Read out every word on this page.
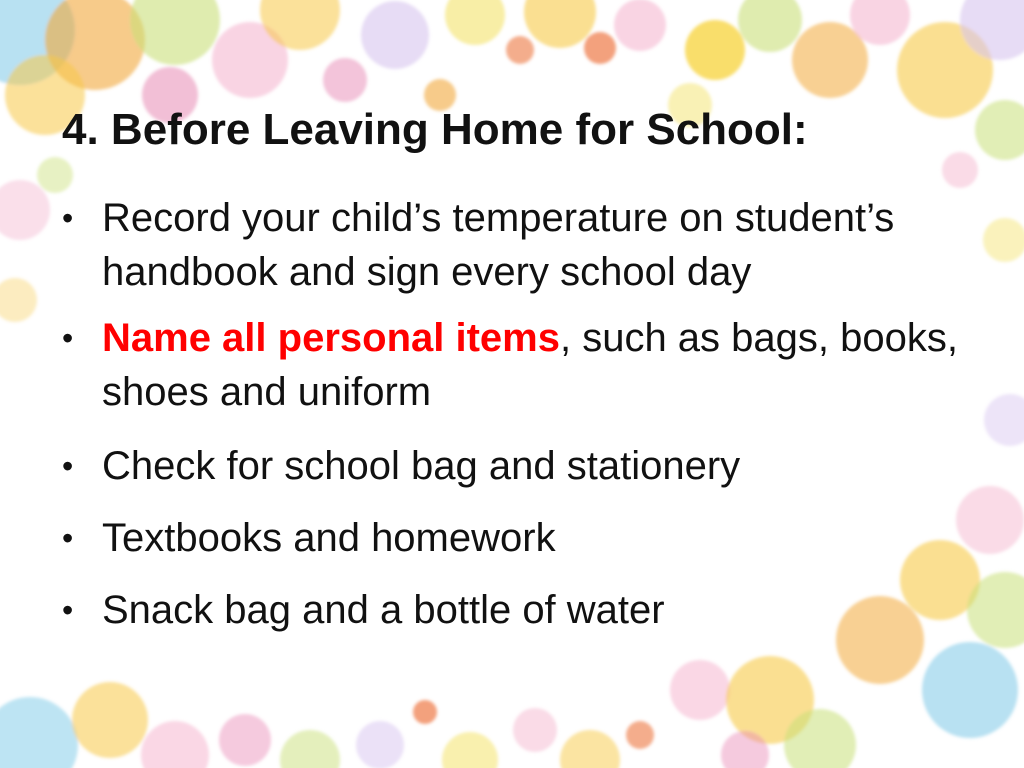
4. Before Leaving Home for School:
• Record your child’s temperature on student’s handbook and sign every school day
• Name all personal items, such as bags, books, shoes and uniform
• Check for school bag and stationery
• Textbooks and homework
• Snack bag and a bottle of water
